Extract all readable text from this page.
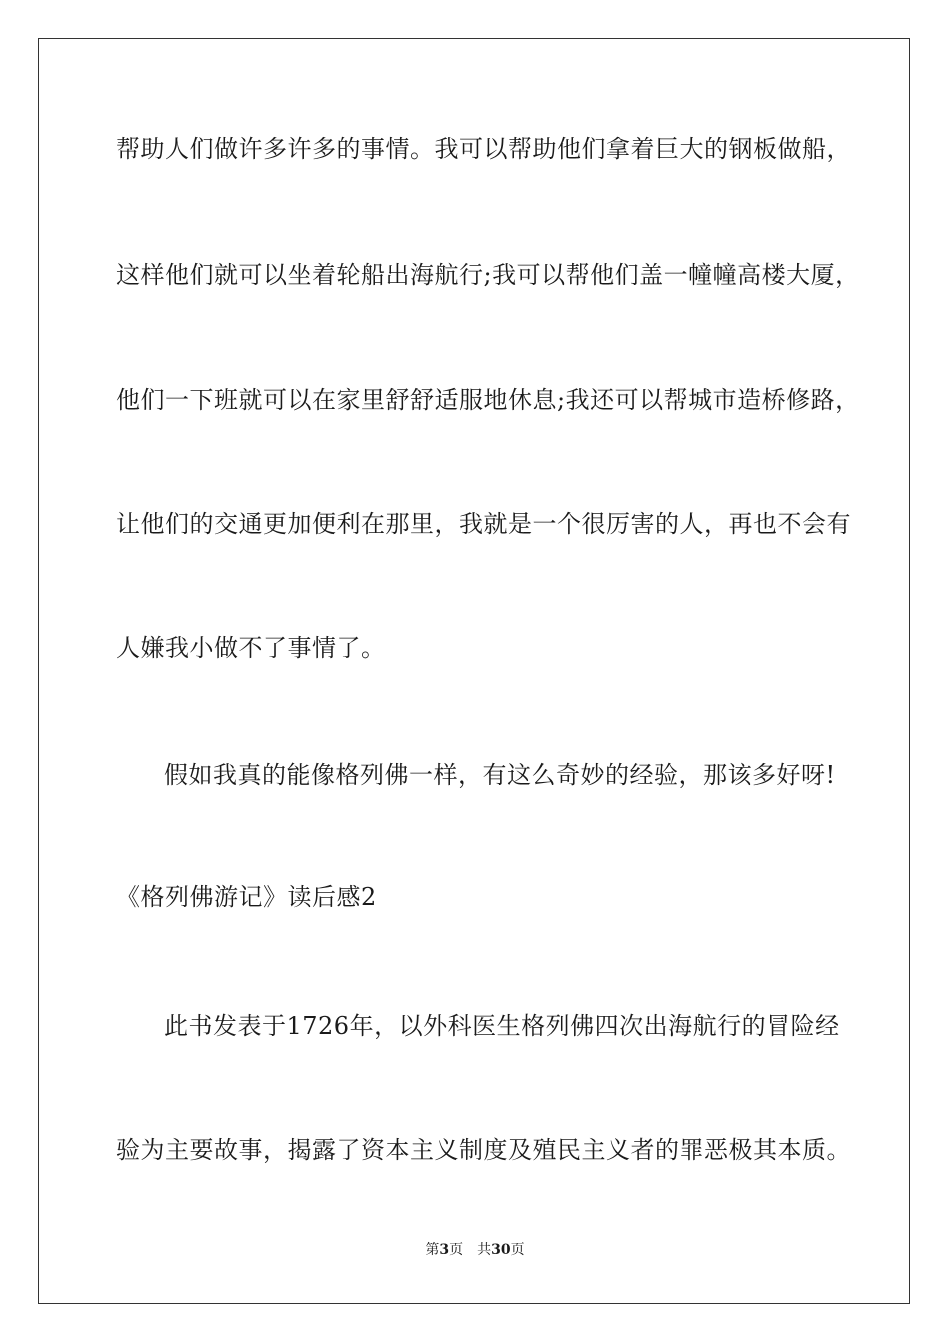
帮助人们做许多许多的事情。我可以帮助他们拿着巨大的钢板做船，
这样他们就可以坐着轮船出海航行;我可以帮他们盖一幢幢高楼大厦，
他们一下班就可以在家里舒舒适服地休息;我还可以帮城市造桥修路，
让他们的交通更加便利在那里，我就是一个很厉害的人，再也不会有
人嫌我小做不了事情了。
假如我真的能像格列佛一样，有这么奇妙的经验，那该多好呀!
《格列佛游记》读后感2
此书发表于1726年，以外科医生格列佛四次出海航行的冒险经
验为主要故事，揭露了资本主义制度及殖民主义者的罪恶极其本质。
第3页 共30页
